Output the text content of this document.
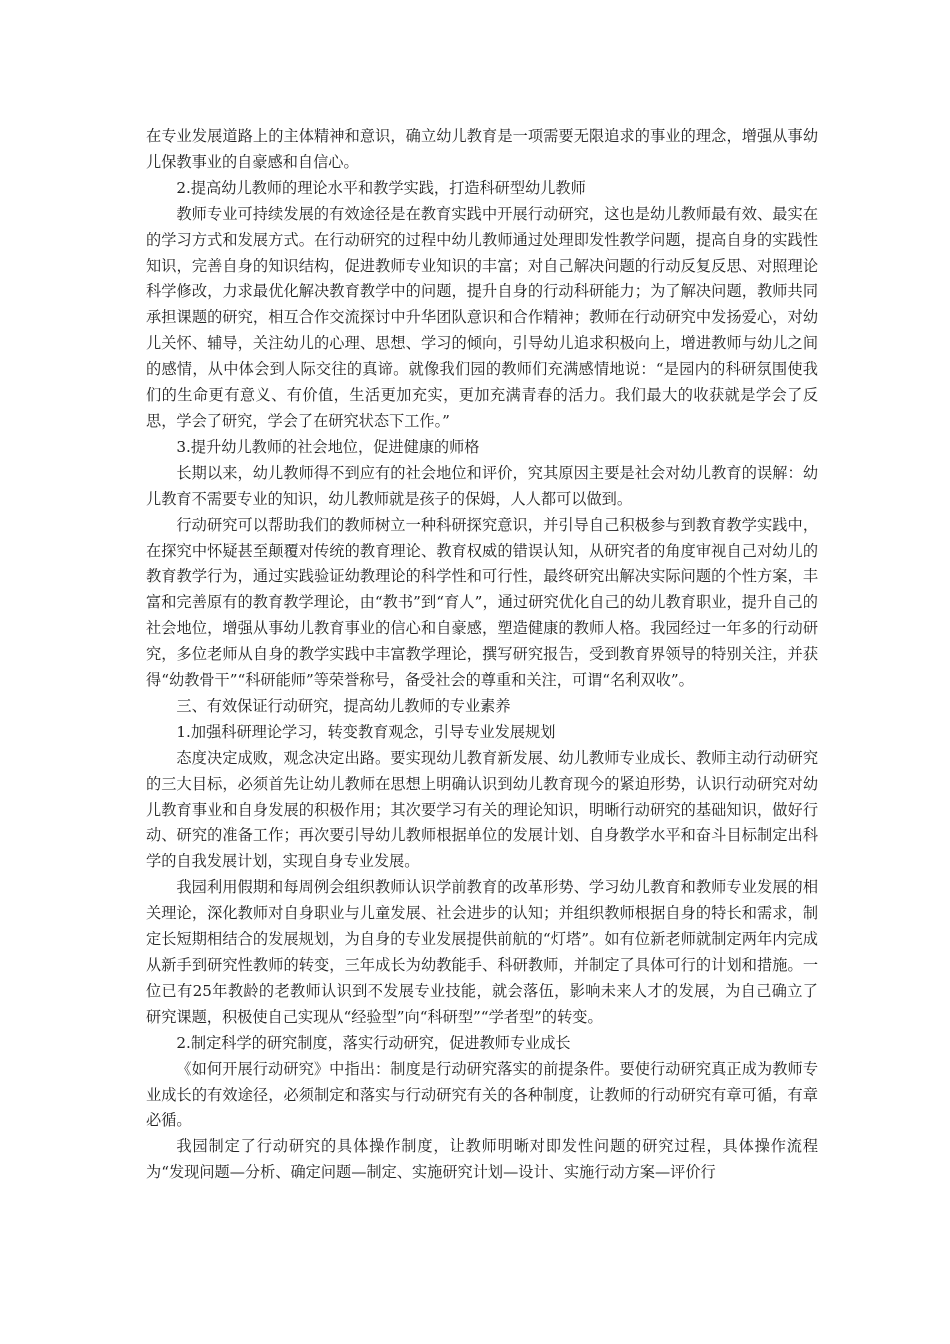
在专业发展道路上的主体精神和意识，确立幼儿教育是一项需要无限追求的事业的理念，增强从事幼儿保教事业的自豪感和自信心。

2.提高幼儿教师的理论水平和教学实践，打造科研型幼儿教师

教师专业可持续发展的有效途径是在教育实践中开展行动研究，这也是幼儿教师最有效、最实在的学习方式和发展方式。在行动研究的过程中幼儿教师通过处理即发性教学问题，提高自身的实践性知识，完善自身的知识结构，促进教师专业知识的丰富；对自己解决问题的行动反复反思、对照理论科学修改，力求最优化解决教育教学中的问题，提升自身的行动科研能力；为了解决问题，教师共同承担课题的研究，相互合作交流探讨中升华团队意识和合作精神；教师在行动研究中发扬爱心，对幼儿关怀、辅导，关注幼儿的心理、思想、学习的倾向，引导幼儿追求积极向上，增进教师与幼儿之间的感情，从中体会到人际交往的真谛。就像我们园的教师们充满感情地说：“是园内的科研氛围使我们的生命更有意义、有价值，生活更加充实，更加充满青春的活力。我们最大的收获就是学会了反思，学会了研究，学会了在研究状态下工作。”

3.提升幼儿教师的社会地位，促进健康的师格

长期以来，幼儿教师得不到应有的社会地位和评价，究其原因主要是社会对幼儿教育的误解：幼儿教育不需要专业的知识，幼儿教师就是孩子的保姆，人人都可以做到。

行动研究可以帮助我们的教师树立一种科研探究意识，并引导自己积极参与到教育教学实践中，在探究中怀疑甚至颠覆对传统的教育理论、教育权威的错误认知，从研究者的角度审视自己对幼儿的教育教学行为，通过实践验证幼教理论的科学性和可行性，最终研究出解决实际问题的个性方案，丰富和完善原有的教育教学理论，由“教书”到“育人”，通过研究优化自己的幼儿教育职业，提升自己的社会地位，增强从事幼儿教育事业的信心和自豪感，塑造健康的教师人格。我园经过一年多的行动研究，多位老师从自身的教学实践中丰富教学理论，撰写研究报告，受到教育界领导的特别关注，并获得“幼教骨干”“科研能师”等荣誉称号，备受社会的尊重和关注，可谓“名利双收”。

三、有效保证行动研究，提高幼儿教师的专业素养

1.加强科研理论学习，转变教育观念，引导专业发展规划

态度决定成败，观念决定出路。要实现幼儿教育新发展、幼儿教师专业成长、教师主动行动研究的三大目标，必须首先让幼儿教师在思想上明确认识到幼儿教育现今的紧迫形势，认识行动研究对幼儿教育事业和自身发展的积极作用；其次要学习有关的理论知识，明晰行动研究的基础知识，做好行动、研究的准备工作；再次要引导幼儿教师根据单位的发展计划、自身教学水平和奋斗目标制定出科学的自我发展计划，实现自身专业发展。

我园利用假期和每周例会组织教师认识学前教育的改革形势、学习幼儿教育和教师专业发展的相关理论，深化教师对自身职业与儿童发展、社会进步的认知；并组织教师根据自身的特长和需求，制定长短期相结合的发展规划，为自身的专业发展提供前航的“灯塔”。如有位新老师就制定两年内完成从新手到研究性教师的转变，三年成长为幼教能手、科研教师，并制定了具体可行的计划和措施。一位已有25年教龄的老教师认识到不发展专业技能，就会落伍，影响未来人才的发展，为自己确立了研究课题，积极使自己实现从“经验型”向“科研型”“学者型”的转变。

2.制定科学的研究制度，落实行动研究，促进教师专业成长

《如何开展行动研究》中指出：制度是行动研究落实的前提条件。要使行动研究真正成为教师专业成长的有效途径，必须制定和落实与行动研究有关的各种制度，让教师的行动研究有章可循，有章必循。

我园制定了行动研究的具体操作制度，让教师明晰对即发性问题的研究过程，具体操作流程为“发现问题—分析、确定问题—制定、实施研究计划—设计、实施行动方案—评价行
